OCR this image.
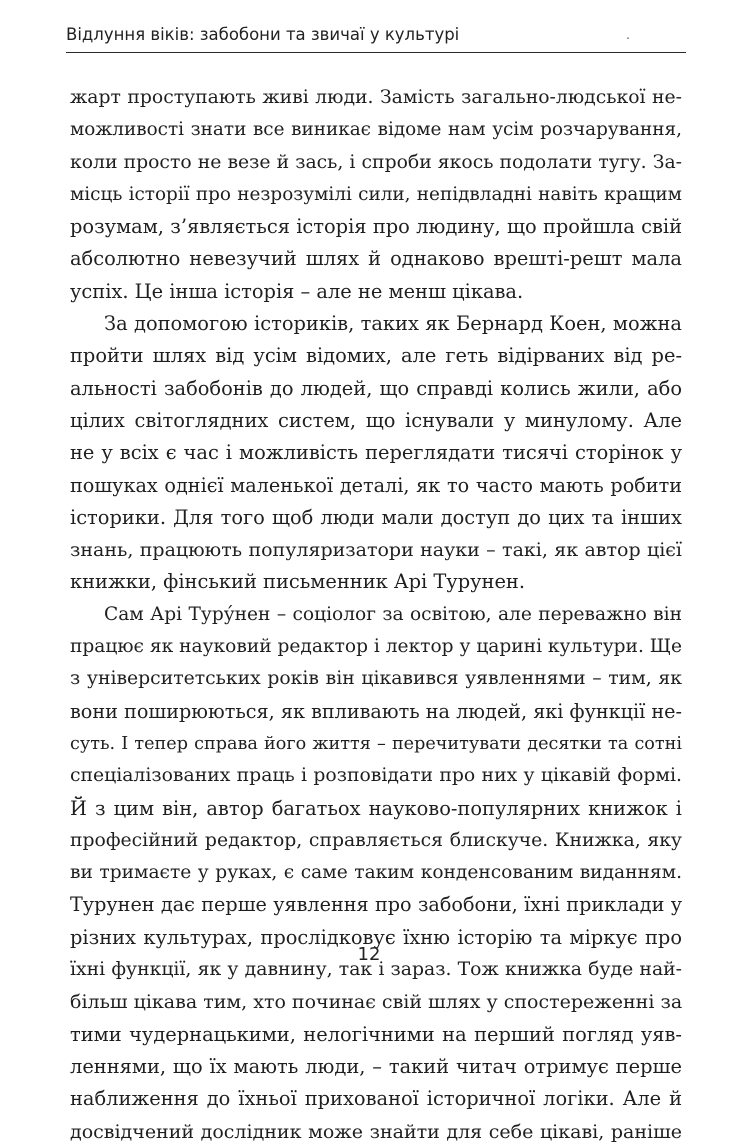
Відлуння віків: забобони та звичаї у культурі	.
жарт проступають живі люди. Замість загально-людської не-
можливості знати все виникає відоме нам усім розчарування,
коли просто не везе й зась, і спроби якось подолати тугу. За-
місць історії про незрозумілі сили, непідвладні навіть кращим
розумам, з’являється історія про людину, що пройшла свій
абсолютно невезучий шлях й однаково врешті-решт мала
успіх. Це інша історія – але не менш цікава.
За допомогою істориків, таких як Бернард Коен, можна
пройти шлях від усім відомих, але геть відірваних від ре-
альності забобонів до людей, що справді колись жили, або
цілих світоглядних систем, що існували у минулому. Але
не у всіх є час і можливість переглядати тисячі сторінок у
пошуках однієї маленької деталі, як то часто мають робити
історики. Для того щоб люди мали доступ до цих та інших
знань, працюють популяризатори науки – такі, як автор цієї
книжки, фінський письменник Арі Турунен.
Сам Арі Туру́нен – соціолог за освітою, але переважно він
працює як науковий редактор і лектор у царині культури. Ще
з університетських років він цікавився уявленнями – тим, як
вони поширюються, як впливають на людей, які функції не-
суть. І тепер справа його життя – перечитувати десятки та сотні
спеціалізованих праць і розповідати про них у цікавій формі.
Й з цим він, автор багатьох науково-популярних книжок і
професійний редактор, справляється блискуче. Книжка, яку
ви тримаєте у руках, є саме таким конденсованим виданням.
Турунен дає перше уявлення про забобони, їхні приклади у
різних культурах, прослідковує їхню історію та міркує про
їхні функції, як у давнину, так і зараз. Тож книжка буде най-
більш цікава тим, хто починає свій шлях у спостереженні за
тими чудернацькими, нелогічними на перший погляд уяв-
леннями, що їх мають люди, – такий читач отримує перше
наближення до їхньої прихованої історичної логіки. Але й
досвідчений дослідник може знайти для себе цікаві, раніше
12
